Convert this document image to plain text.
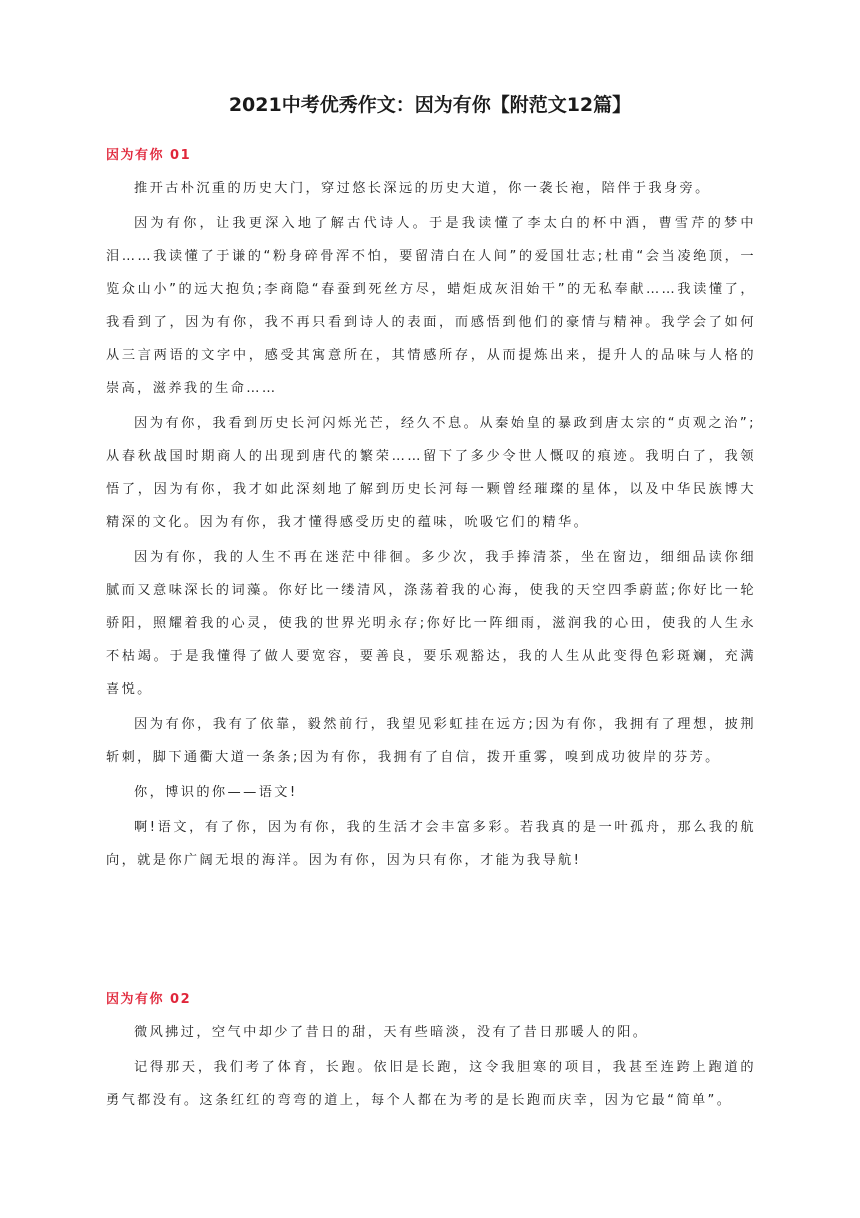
2021中考优秀作文：因为有你【附范文12篇】
因为有你 01

推开古朴沉重的历史大门，穿过悠长深远的历史大道，你一袭长袍，陪伴于我身旁。

因为有你，让我更深入地了解古代诗人。于是我读懂了李太白的杯中酒，曹雪芹的梦中泪……我读懂了于谦的“粉身碎骨浑不怕，要留清白在人间”的爱国壮志;杜甫“会当凌绝顶，一览众山小”的远大抱负;李商隐“春蚕到死丝方尽，蜡炬成灰泪始干”的无私奉献……我读懂了，我看到了，因为有你，我不再只看到诗人的表面，而感悟到他们的豪情与精神。我学会了如何从三言两语的文字中，感受其寓意所在，其情感所存，从而提炼出来，提升人的品味与人格的崇高，滋养我的生命……

因为有你，我看到历史长河闪烁光芒，经久不息。从秦始皇的暴政到唐太宗的“贞观之治”;从春秋战国时期商人的出现到唐代的繁荣……留下了多少令世人慨叹的痕迹。我明白了，我领悟了，因为有你，我才如此深刻地了解到历史长河每一颗曾经璀璨的星体，以及中华民族博大精深的文化。因为有你，我才懂得感受历史的蕴味，吮吸它们的精华。

因为有你，我的人生不再在迷茫中徘徊。多少次，我手捧清茶，坐在窗边，细细品读你细腻而又意味深长的词藻。你好比一缕清风，涤荡着我的心海，使我的天空四季蔚蓝;你好比一轮骄阳，照耀着我的心灵，使我的世界光明永存;你好比一阵细雨，滋润我的心田，使我的人生永不枯竭。于是我懂得了做人要宽容，要善良，要乐观豁达，我的人生从此变得色彩斑斓，充满喜悦。

因为有你，我有了依靠，毅然前行，我望见彩虹挂在远方;因为有你，我拥有了理想，披荆斩刺，脚下通衢大道一条条;因为有你，我拥有了自信，拨开重雾，嗅到成功彼岸的芬芳。

你，博识的你——语文!

啊!语文，有了你，因为有你，我的生活才会丰富多彩。若我真的是一叶孤舟，那么我的航向，就是你广阔无垠的海洋。因为有你，因为只有你，才能为我导航!

因为有你 02

微风拂过，空气中却少了昔日的甜，天有些暗淡，没有了昔日那暖人的阳。

记得那天，我们考了体育，长跑。依旧是长跑，这令我胆寒的项目，我甚至连跨上跑道的勇气都没有。这条红红的弯弯的道上，每个人都在为考的是长跑而庆幸，因为它最“简单”。
